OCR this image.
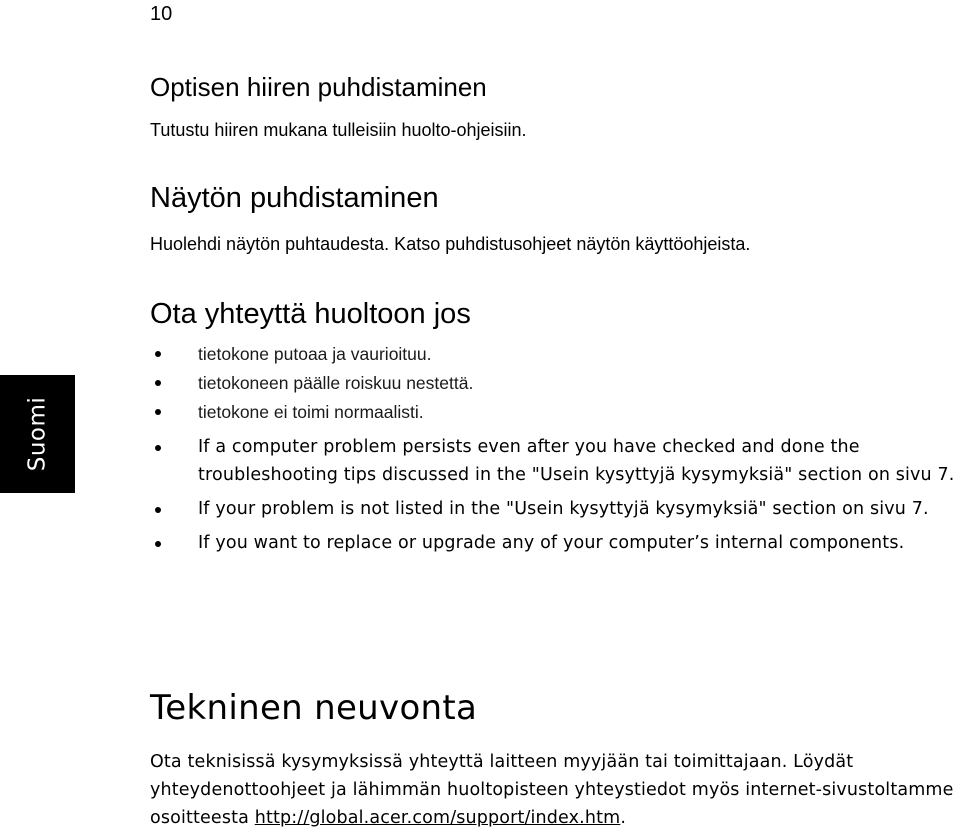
10
Suomi
Optisen hiiren puhdistaminen

Tutustu hiiren mukana tulleisiin huolto-ohjeisiin.

Näytön puhdistaminen

Huolehdi näytön puhtaudesta. Katso puhdistusohjeet näytön käyttöohjeista.

Ota yhteyttä huoltoon jos
tietokone putoaa ja vaurioituu.
tietokoneen päälle roiskuu nestettä.
tietokone ei toimi normaalisti.
If a computer problem persists even after you have checked and done the troubleshooting tips discussed in the "Usein kysyttyjä kysymyksiä" section on sivu 7.
If your problem is not listed in the "Usein kysyttyjä kysymyksiä" section on sivu 7.
If you want to replace or upgrade any of your computer’s internal components.
Tekninen neuvonta

Ota teknisissä kysymyksissä yhteyttä laitteen myyjään tai toimittajaan. Löydät yhteydenottoohjeet ja lähimmän huoltopisteen yhteystiedot myös internet-sivustoltamme osoitteesta http://global.acer.com/support/index.htm.
